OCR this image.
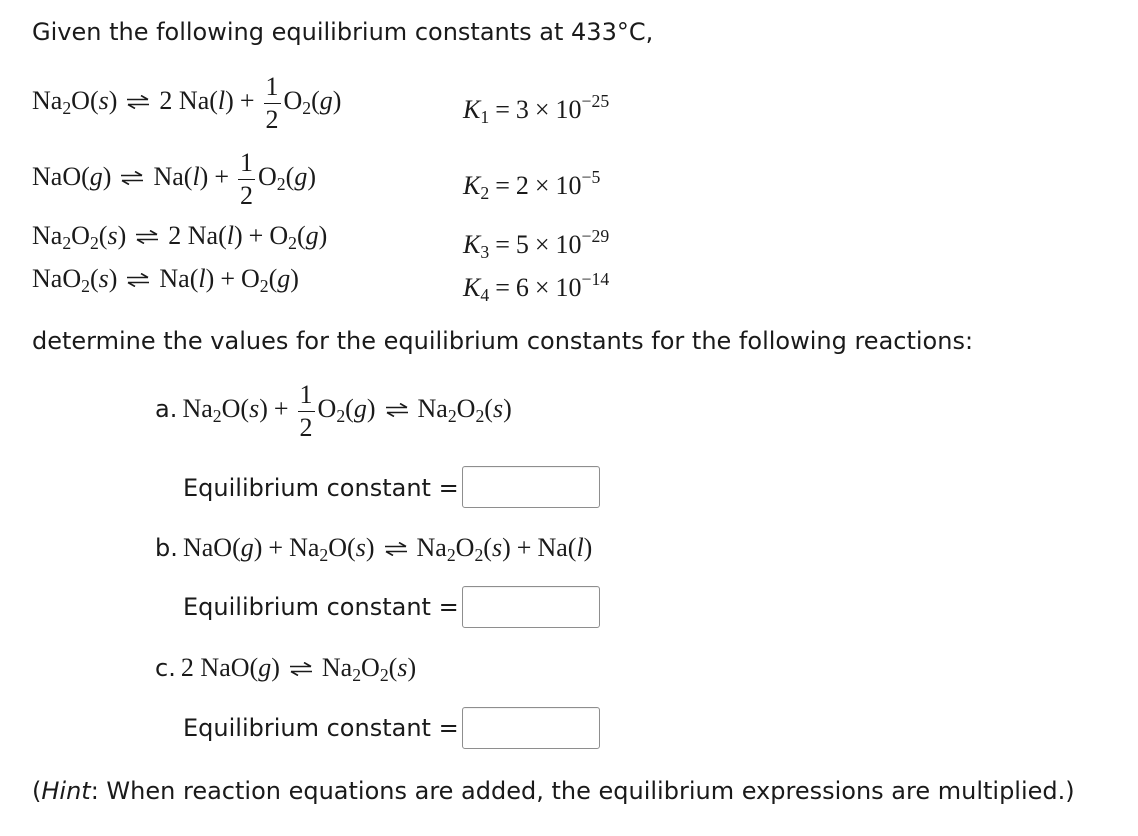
Given the following equilibrium constants at 433°C,
$Na_2O(s)$ ⇌ 2 $Na(l) + \frac{1}{2} O_2(g)$	$K_1 = 3 \times 10^{-25}$
NaO(g) ⇌ $Na(l) + \frac{1}{2} O_2(g)$	$K_2 = 2 \times 10^{-5}$
$Na_2O_2(s)$ ⇌ 2 $Na(l) + O_2(g)$	$K_3 = 5 \times 10^{-29}$
NaO$_2$(s) ⇌ $Na(l) + O_2(g)$	$K_4 = 6 \times 10^{-14}$
determine the values for the equilibrium constants for the following reactions:
a. $Na_2O(s) + \frac{1}{2} O_2(g)$ ⇌ $Na_2O_2(s)$
Equilibrium constant =
b. $NaO(g) + Na_2O(s)$ ⇌ $Na_2O_2(s) + Na(l)$
Equilibrium constant =
c. 2 NaO(g) ⇌ $Na_2O_2(s)$
Equilibrium constant =
(Hint: When reaction equations are added, the equilibrium expressions are multiplied.)
